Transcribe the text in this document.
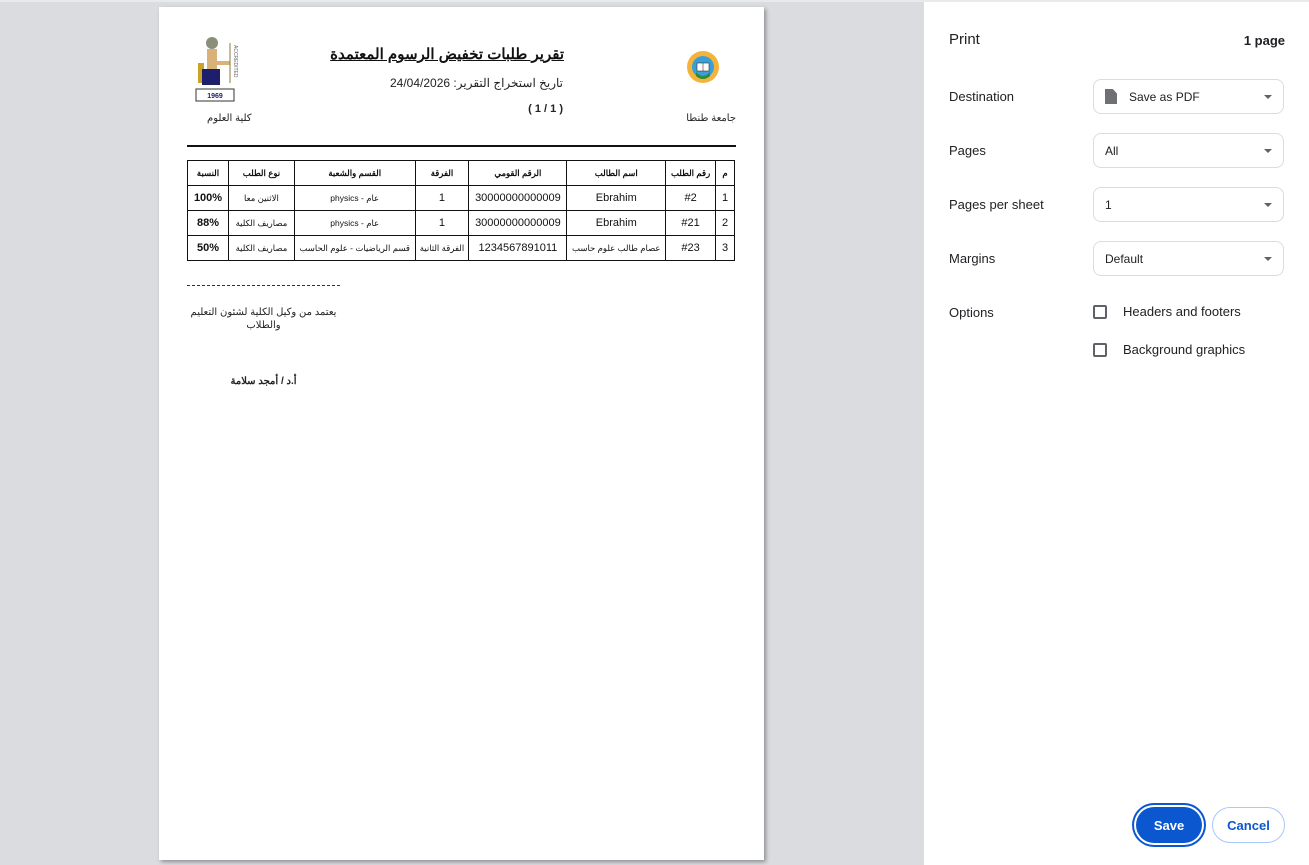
ACCREDITED
1969
تقرير طلبات تخفيض الرسوم المعتمدة
تاريخ استخراج التقرير: 24/04/2026
( 1 / 1 )
كلية العلوم	جامعة طنطا
م	رقم الطلب	اسم الطالب	الرقم القومي	الفرقة	القسم والشعبة	نوع الطلب	النسبة
1	#2	Ebrahim	30000000000009	1	physics - عام	الاثنين معا	100%
2	#21	Ebrahim	30000000000009	1	physics - عام	مصاريف الكلية	88%
3	#23	عصام طالب علوم حاسب	1234567891011	الفرقة الثانية	قسم الرياضيات - علوم الحاسب	مصاريف الكلية	50%
يعتمد من وكيل الكلية لشئون التعليم والطلاب
أ.د / أمجد سلامة
Print	1 page
Destination	Save as PDF
Pages	All
Pages per sheet	1
Margins	Default
Options	Headers and footers
Background graphics
Save	Cancel
